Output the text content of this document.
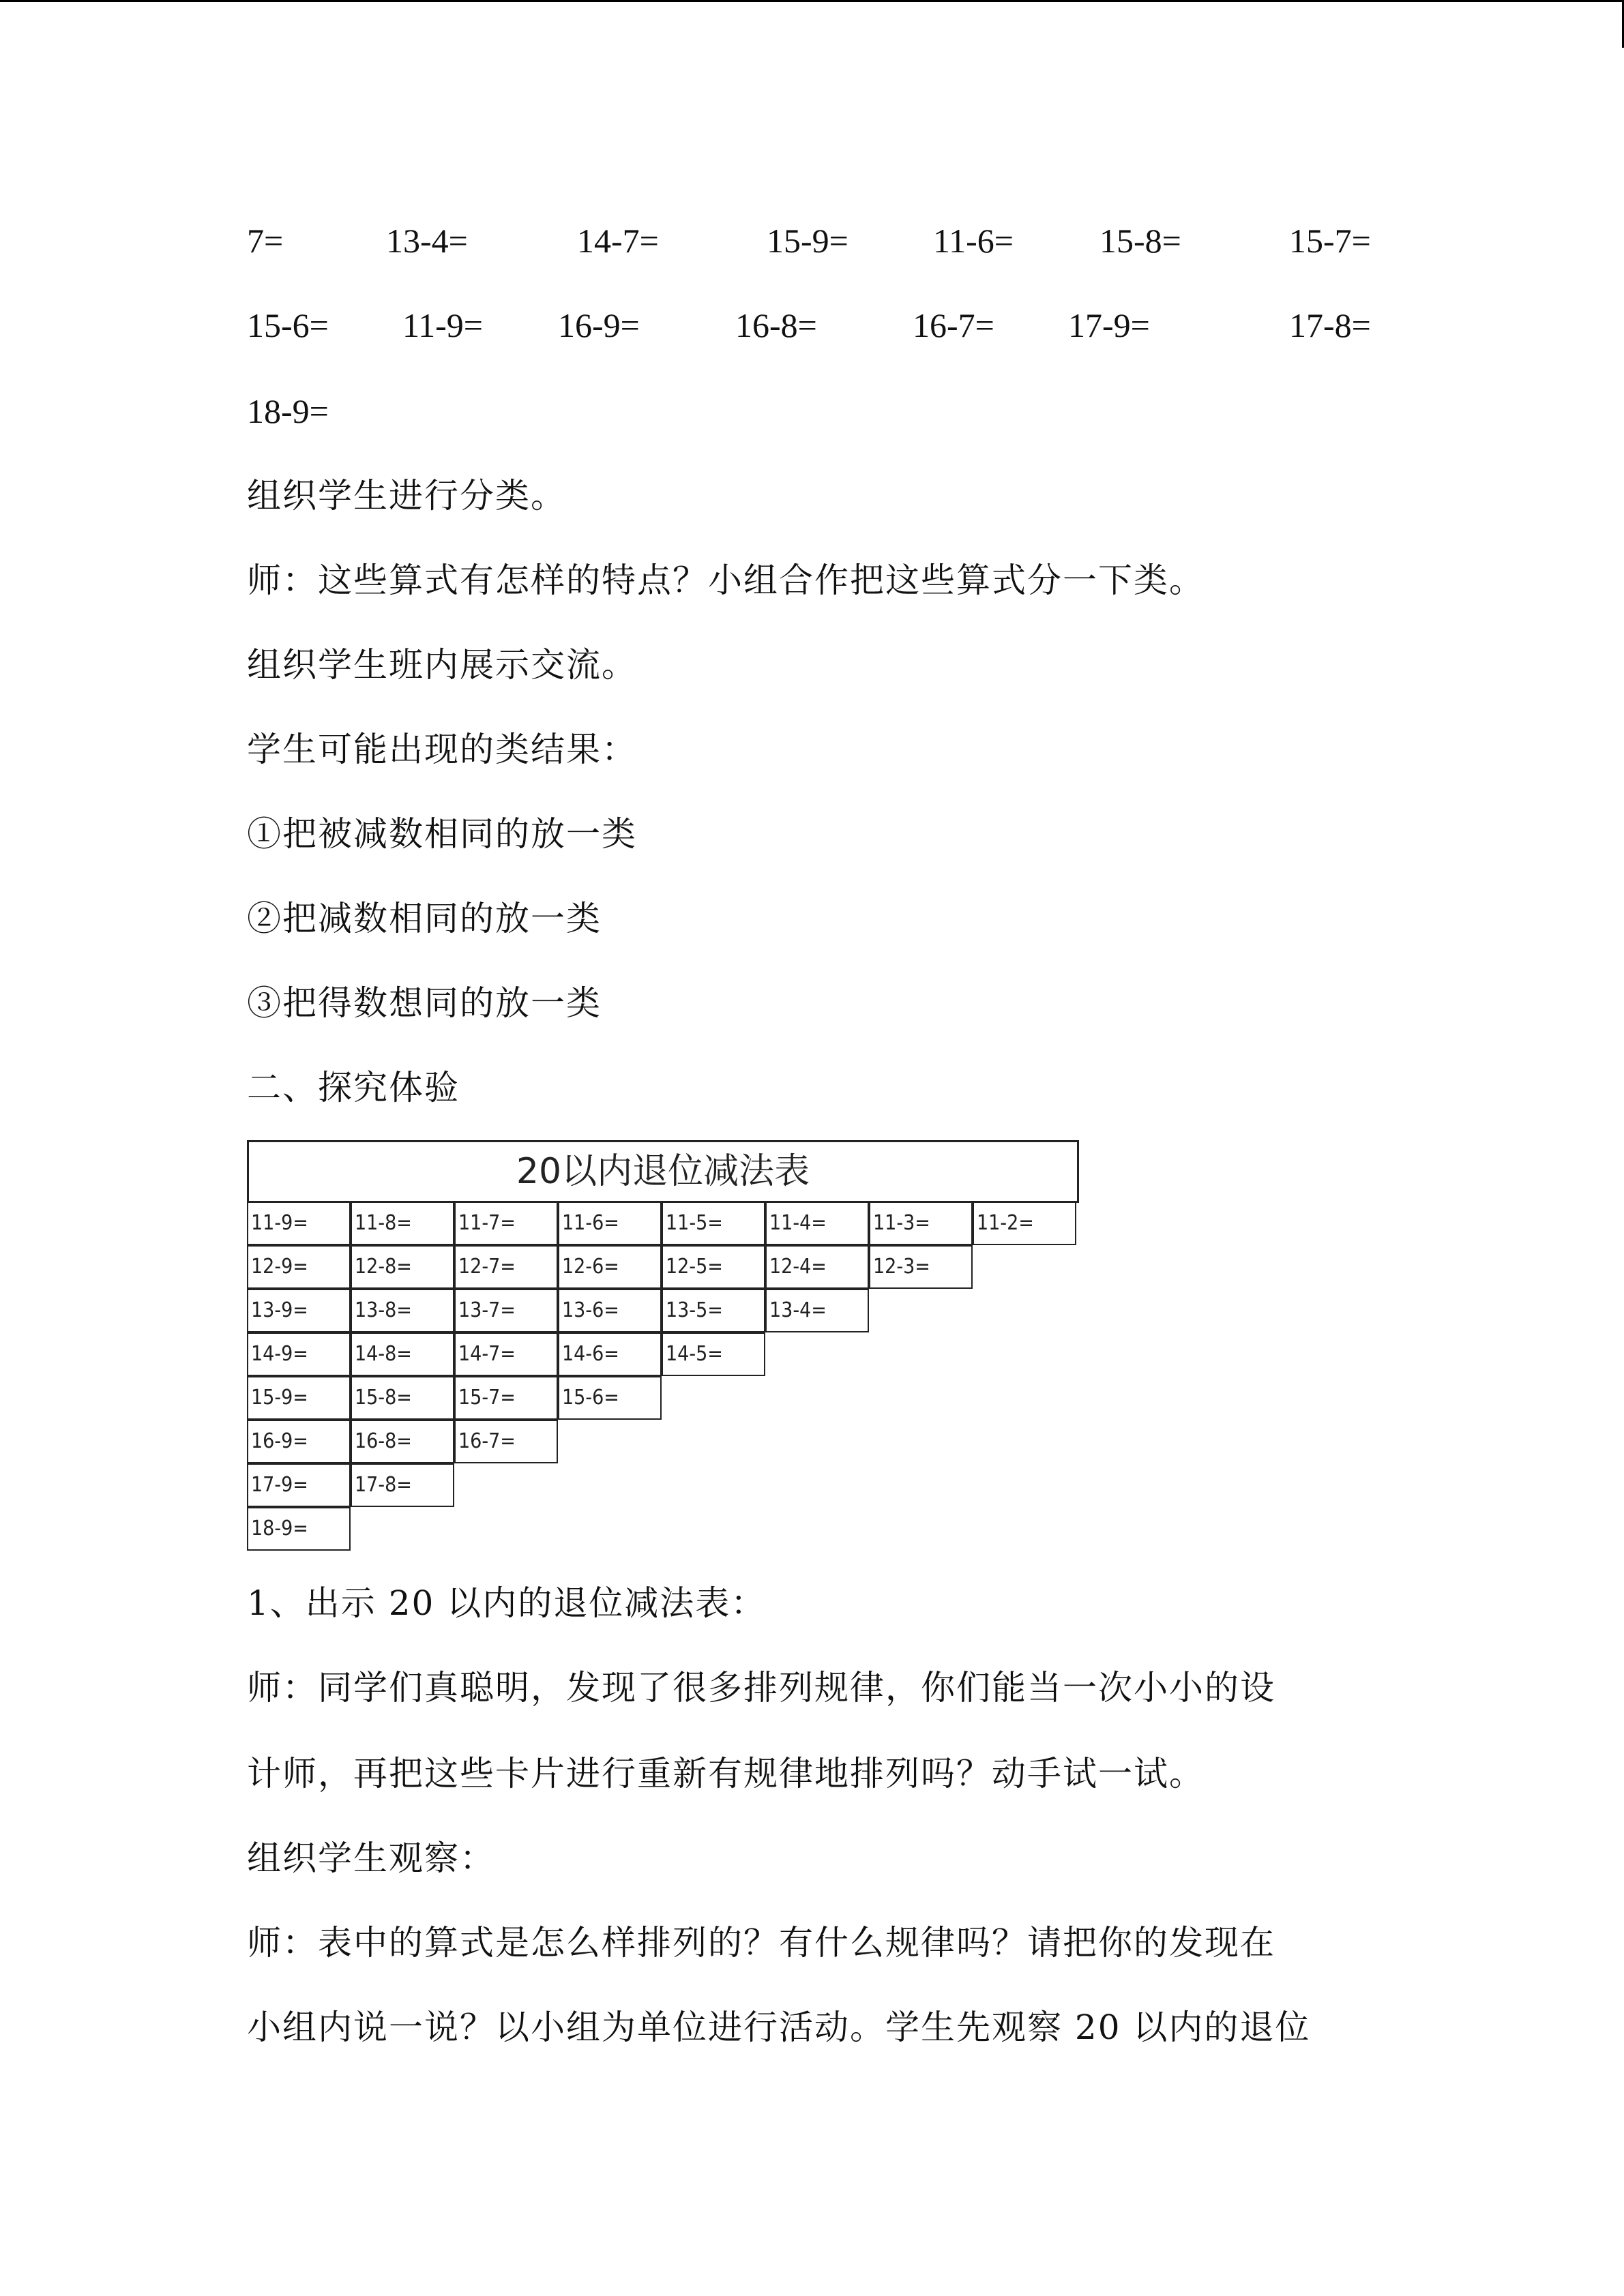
7=	13-4=	14-7=	15-9= 11-6=	15-8=	15-7=
15-6= 11-9= 16-9=	16-8=	16-7= 17-9=	17-8=
18-9=
组织学生进行分类。
师：这些算式有怎样的特点？小组合作把这些算式分一下类。
组织学生班内展示交流。
学生可能出现的类结果：
①把被减数相同的放一类
②把减数相同的放一类
③把得数想同的放一类
二、探究体验
20以内退位减法表
11-9=	11-8=	11-7=	11-6=	11-5=	11-4=	11-3=	11-2=
12-9=	12-8=	12-7=	12-6=	12-5=	12-4=	12-3=
13-9=	13-8=	13-7=	13-6=	13-5=	13-4=
14-9=	14-8=	14-7=	14-6=	14-5=
15-9=	15-8=	15-7=	15-6=
16-9=	16-8=	16-7=
17-9=	17-8=
18-9=
1、出示 20 以内的退位减法表：
师：同学们真聪明，发现了很多排列规律，你们能当一次小小的设
计师，再把这些卡片进行重新有规律地排列吗？动手试一试。
组织学生观察：
师：表中的算式是怎么样排列的？有什么规律吗？请把你的发现在
小组内说一说？以小组为单位进行活动。学生先观察 20 以内的退位
